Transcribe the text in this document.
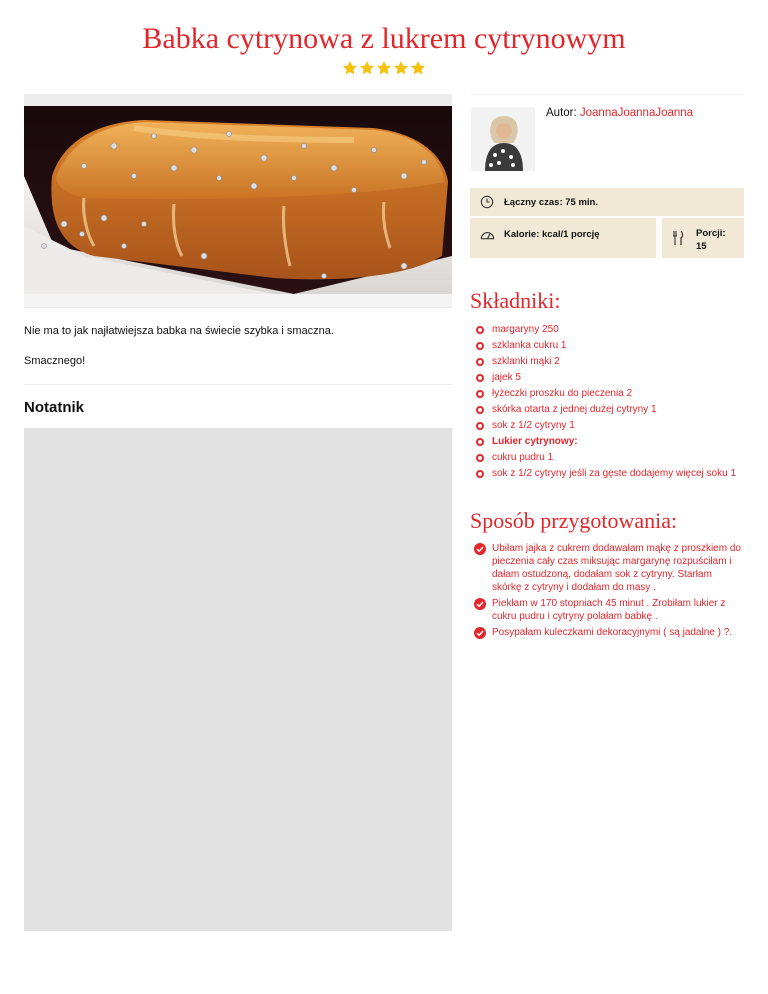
Babka cytrynowa z lukrem cytrynowym

Nie ma to jak najłatwiejsza babka na świecie szybka i smaczna.

Smacznego!

Notatnik
Autor: JoannaJoannaJoanna
Łączny czas: 75 min.
Kalorie: kcal/1 porcję	Porcji:
15
Składniki:
margaryny 250
szklanka cukru 1
szklanki mąki 2
jajek 5
łyżeczki proszku do pieczenia 2
skórka otarta z jednej dużej cytryny 1
sok z 1/2 cytryny 1
Lukier cytrynowy:
cukru pudru 1
sok z 1/2 cytryny jeśli za gęste dodajemy więcej soku 1
Sposób przygotowania:
Ubiłam jajka z cukrem dodawałam mąkę z proszkiem do pieczenia cały czas miksując margarynę rozpuściłam i dałam ostudzoną, dodałam sok z cytryny. Starłam skórkę z cytryny i dodałam do masy .
Piekłam w 170 stopniach 45 minut . Zrobiłam lukier z cukru pudru i cytryny polałam babkę .
Posypałam kuleczkami dekoracyjnymi ( są jadalne ) ?.
